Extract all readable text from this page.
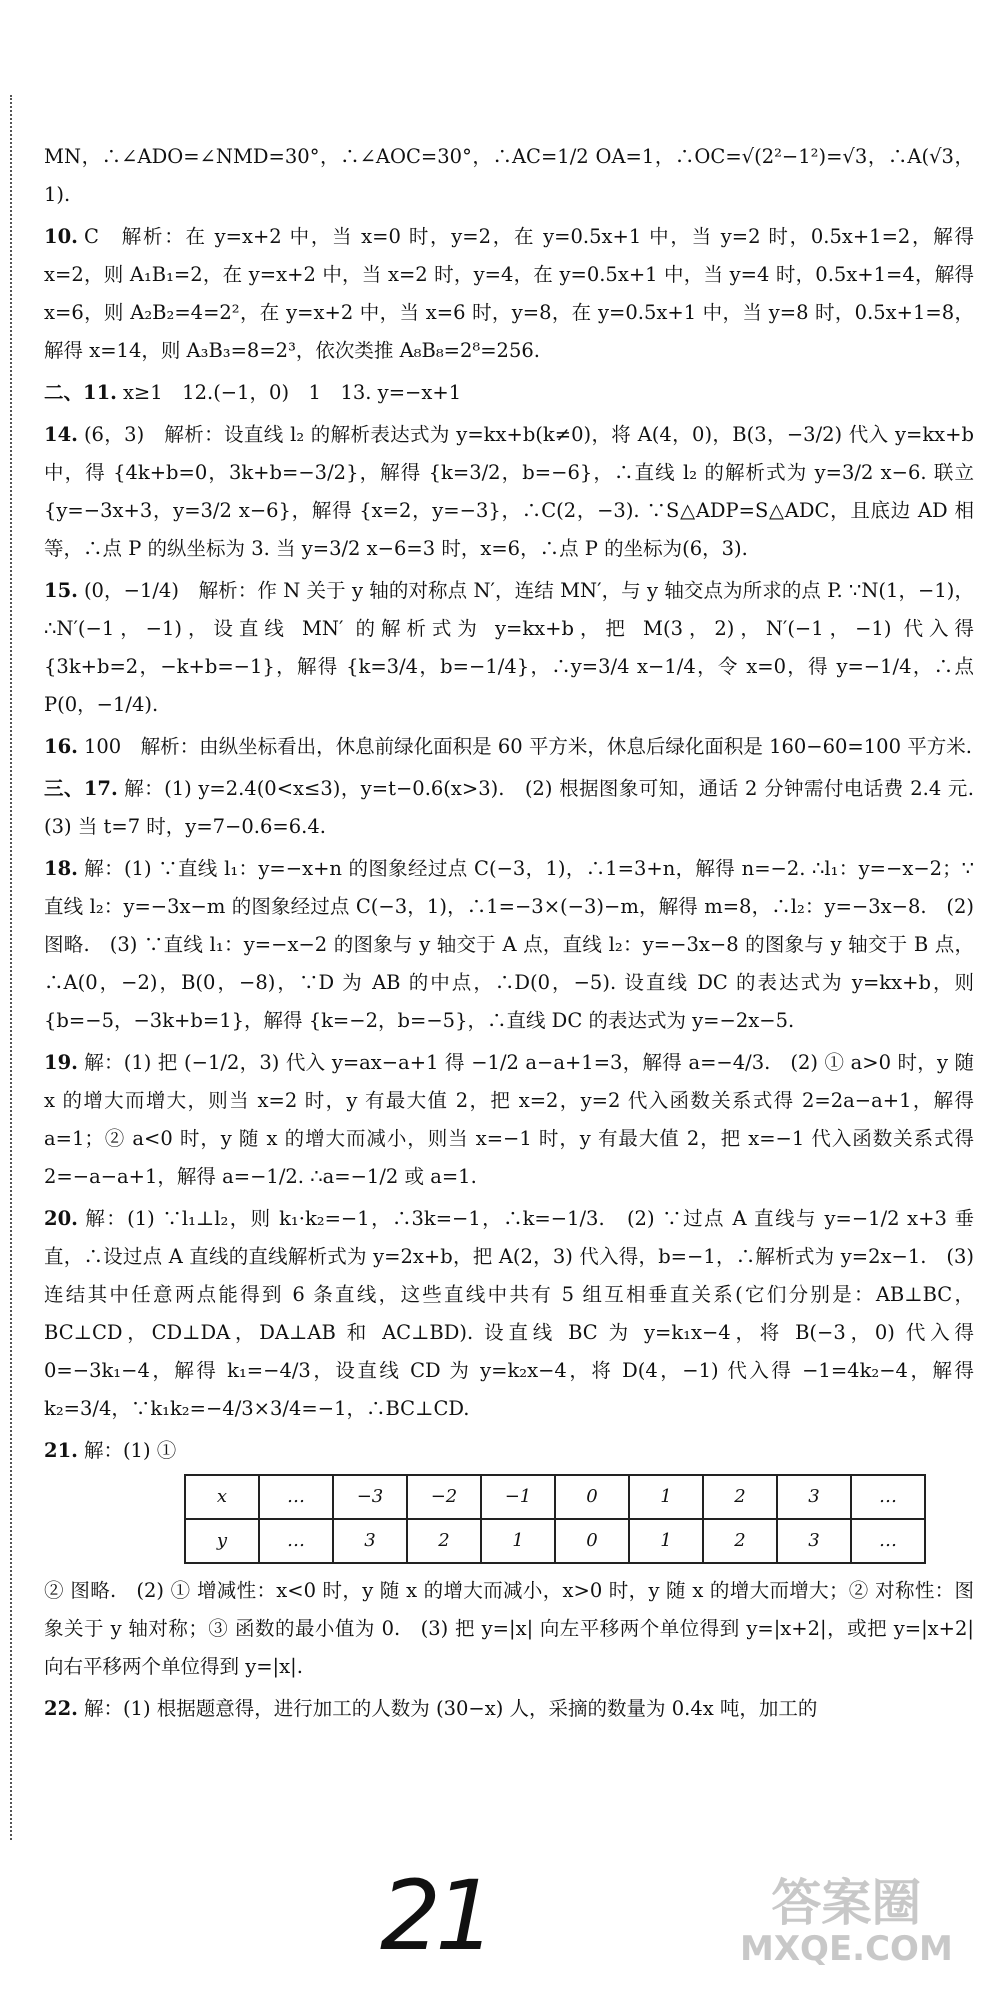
MN，∴∠ADO=∠NMD=30°，∴∠AOC=30°，∴AC=1/2 OA=1，∴OC=√(2²−1²)=√3，∴A(√3，1).

10. C　解析：在 y=x+2 中，当 x=0 时，y=2，在 y=0.5x+1 中，当 y=2 时，0.5x+1=2，解得 x=2，则 A₁B₁=2，在 y=x+2 中，当 x=2 时，y=4，在 y=0.5x+1 中，当 y=4 时，0.5x+1=4，解得 x=6，则 A₂B₂=4=2²，在 y=x+2 中，当 x=6 时，y=8，在 y=0.5x+1 中，当 y=8 时，0.5x+1=8，解得 x=14，则 A₃B₃=8=2³，依次类推 A₈B₈=2⁸=256.

二、11. x≥1　12.(−1，0)　1　13. y=−x+1

14. (6，3)　解析：设直线 l₂ 的解析表达式为 y=kx+b(k≠0)，将 A(4，0)，B(3，−3/2) 代入 y=kx+b 中，得 {4k+b=0，3k+b=−3/2}，解得 {k=3/2，b=−6}，∴直线 l₂ 的解析式为 y=3/2 x−6. 联立 {y=−3x+3，y=3/2 x−6}，解得 {x=2，y=−3}，∴C(2，−3). ∵S△ADP=S△ADC，且底边 AD 相等，∴点 P 的纵坐标为 3. 当 y=3/2 x−6=3 时，x=6，∴点 P 的坐标为(6，3).

15. (0，−1/4)　解析：作 N 关于 y 轴的对称点 N′，连结 MN′，与 y 轴交点为所求的点 P. ∵N(1，−1)，∴N′(−1，−1)，设直线 MN′ 的解析式为 y=kx+b，把 M(3，2)，N′(−1，−1) 代入得 {3k+b=2，−k+b=−1}，解得 {k=3/4，b=−1/4}，∴y=3/4 x−1/4，令 x=0，得 y=−1/4，∴点 P(0，−1/4).

16. 100　解析：由纵坐标看出，休息前绿化面积是 60 平方米，休息后绿化面积是 160−60=100 平方米.

三、17. 解：(1) y=2.4(0<x≤3)，y=t−0.6(x>3).　(2) 根据图象可知，通话 2 分钟需付电话费 2.4 元.　(3) 当 t=7 时，y=7−0.6=6.4.

18. 解：(1) ∵直线 l₁：y=−x+n 的图象经过点 C(−3，1)，∴1=3+n，解得 n=−2. ∴l₁：y=−x−2；∵直线 l₂：y=−3x−m 的图象经过点 C(−3，1)，∴1=−3×(−3)−m，解得 m=8，∴l₂：y=−3x−8.　(2) 图略.　(3) ∵直线 l₁：y=−x−2 的图象与 y 轴交于 A 点，直线 l₂：y=−3x−8 的图象与 y 轴交于 B 点，∴A(0，−2)，B(0，−8)，∵D 为 AB 的中点，∴D(0，−5). 设直线 DC 的表达式为 y=kx+b，则 {b=−5，−3k+b=1}，解得 {k=−2，b=−5}，∴直线 DC 的表达式为 y=−2x−5.

19. 解：(1) 把 (−1/2，3) 代入 y=ax−a+1 得 −1/2 a−a+1=3，解得 a=−4/3.　(2) ① a>0 时，y 随 x 的增大而增大，则当 x=2 时，y 有最大值 2，把 x=2，y=2 代入函数关系式得 2=2a−a+1，解得 a=1；② a<0 时，y 随 x 的增大而减小，则当 x=−1 时，y 有最大值 2，把 x=−1 代入函数关系式得 2=−a−a+1，解得 a=−1/2. ∴a=−1/2 或 a=1.

20. 解：(1) ∵l₁⊥l₂，则 k₁·k₂=−1，∴3k=−1，∴k=−1/3.　(2) ∵过点 A 直线与 y=−1/2 x+3 垂直，∴设过点 A 直线的直线解析式为 y=2x+b，把 A(2，3) 代入得，b=−1，∴解析式为 y=2x−1.　(3) 连结其中任意两点能得到 6 条直线，这些直线中共有 5 组互相垂直关系(它们分别是：AB⊥BC，BC⊥CD，CD⊥DA，DA⊥AB 和 AC⊥BD). 设直线 BC 为 y=k₁x−4，将 B(−3，0) 代入得 0=−3k₁−4，解得 k₁=−4/3，设直线 CD 为 y=k₂x−4，将 D(4，−1) 代入得 −1=4k₂−4，解得 k₂=3/4，∵k₁k₂=−4/3×3/4=−1，∴BC⊥CD.

21. 解：(1) ①

x	…	−3	−2	−1	0	1	2	3	…
y	…	3	2	1	0	1	2	3	…

② 图略.　(2) ① 增减性：x<0 时，y 随 x 的增大而减小，x>0 时，y 随 x 的增大而增大；② 对称性：图象关于 y 轴对称；③ 函数的最小值为 0.　(3) 把 y=|x| 向左平移两个单位得到 y=|x+2|，或把 y=|x+2| 向右平移两个单位得到 y=|x|.

22. 解：(1) 根据题意得，进行加工的人数为 (30−x) 人，采摘的数量为 0.4x 吨，加工的

21	答案圈
MXQE.COM
